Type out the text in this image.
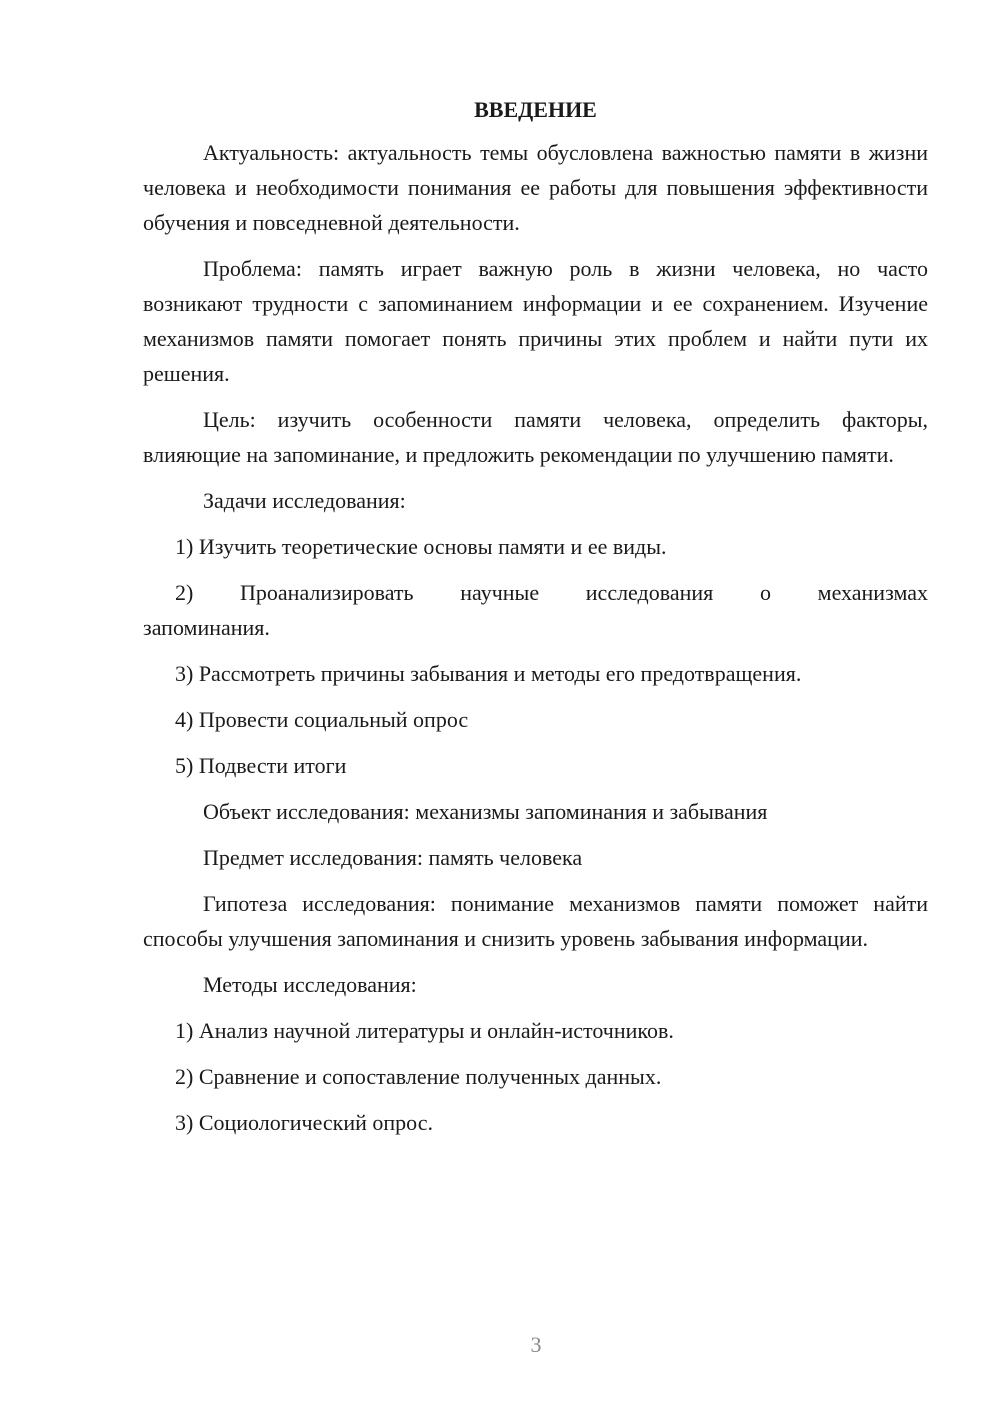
ВВЕДЕНИЕ

Актуальность: актуальность темы обусловлена важностью памяти в жизни человека и необходимости понимания ее работы для повышения эффективности обучения и повседневной деятельности.

Проблема: память играет важную роль в жизни человека, но часто возникают трудности с запоминанием информации и ее сохранением. Изучение механизмов памяти помогает понять причины этих проблем и найти пути их решения.

Цель: изучить особенности памяти человека, определить факторы, влияющие на запоминание, и предложить рекомендации по улучшению памяти.

Задачи исследования:

1) Изучить теоретические основы памяти и ее виды.

2) Проанализировать научные исследования о механизмах запоминания.

3) Рассмотреть причины забывания и методы его предотвращения.

4) Провести социальный опрос

5) Подвести итоги

Объект исследования: механизмы запоминания и забывания

Предмет исследования: память человека

Гипотеза исследования: понимание механизмов памяти поможет найти способы улучшения запоминания и снизить уровень забывания информации.

Методы исследования:

1) Анализ научной литературы и онлайн-источников.

2) Сравнение и сопоставление полученных данных.

3) Социологический опрос.

3
